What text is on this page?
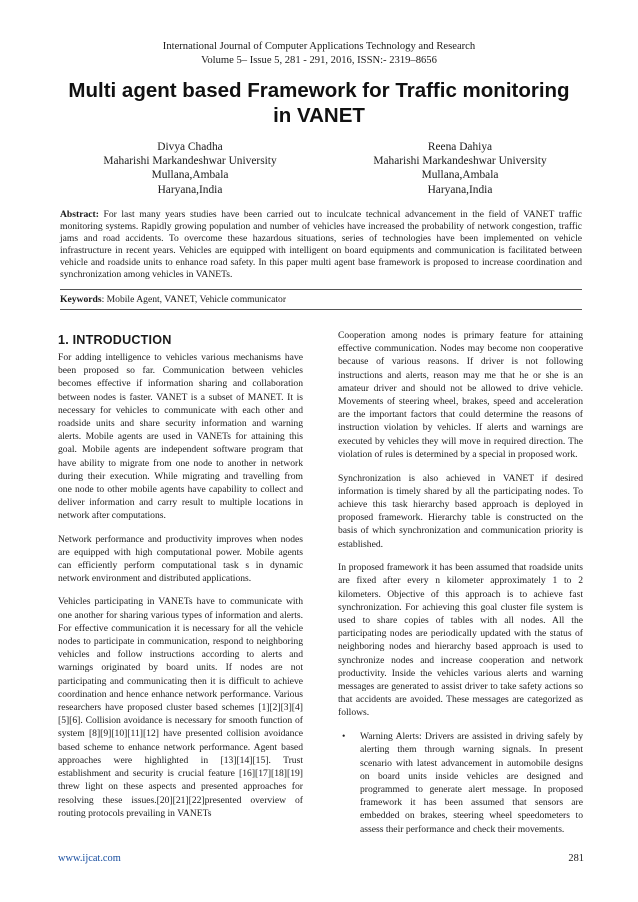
International Journal of Computer Applications Technology and Research
Volume 5– Issue 5, 281 - 291, 2016, ISSN:- 2319–8656
Multi agent based Framework for Traffic monitoring in VANET
Divya Chadha
Maharishi Markandeshwar University
Mullana,Ambala
Haryana,India
Reena Dahiya
Maharishi Markandeshwar University
Mullana,Ambala
Haryana,India
Abstract: For last many years studies have been carried out to inculcate technical advancement in the field of VANET traffic monitoring systems. Rapidly growing population and number of vehicles have increased the probability of network congestion, traffic jams and road accidents. To overcome these hazardous situations, series of technologies have been implemented on vehicle infrastructure in recent years. Vehicles are equipped with intelligent on board equipments and communication is facilitated between vehicle and roadside units to enhance road safety. In this paper multi agent base framework is proposed to increase coordination and synchronization among vehicles in VANETs.
Keywords: Mobile Agent, VANET, Vehicle communicator
1. INTRODUCTION

For adding intelligence to vehicles various mechanisms have been proposed so far. Communication between vehicles becomes effective if information sharing and collaboration between nodes is faster. VANET is a subset of MANET. It is necessary for vehicles to communicate with each other and roadside units and share security information and warning alerts. Mobile agents are used in VANETs for attaining this goal. Mobile agents are independent software program that have ability to migrate from one node to another in network during their execution. While migrating and travelling from one node to other mobile agents have capability to collect and deliver information and carry result to multiple locations in network after computations.

Network performance and productivity improves when nodes are equipped with high computational power. Mobile agents can efficiently perform computational task s in dynamic network environment and distributed applications.

Vehicles participating in VANETs have to communicate with one another for sharing various types of information and alerts. For effective communication it is necessary for all the vehicle nodes to participate in communication, respond to neighboring vehicles and follow instructions according to alerts and warnings originated by board units. If nodes are not participating and communicating then it is difficult to achieve coordination and hence enhance network performance. Various researchers have proposed cluster based schemes [1][2][3][4][5][6]. Collision avoidance is necessary for smooth function of system [8][9][10][11][12] have presented collision avoidance based scheme to enhance network performance. Agent based approaches were highlighted in [13][14][15]. Trust establishment and security is crucial feature [16][17][18][19] threw light on these aspects and presented approaches for resolving these issues.[20][21][22]presented overview of routing protocols prevailing in VANETs

Cooperation among nodes is primary feature for attaining effective communication. Nodes may become non cooperative because of various reasons. If driver is not following instructions and alerts, reason may me that he or she is an amateur driver and should not be allowed to drive vehicle. Movements of steering wheel, brakes, speed and acceleration are the important factors that could determine the reasons of instruction violation by vehicles. If alerts and warnings are executed by vehicles they will move in required direction. The violation of rules is determined by a special in proposed work.

Synchronization is also achieved in VANET if desired information is timely shared by all the participating nodes. To achieve this task hierarchy based approach is deployed in proposed framework. Hierarchy table is constructed on the basis of which synchronization and communication priority is established.

In proposed framework it has been assumed that roadside units are fixed after every n kilometer approximately 1 to 2 kilometers. Objective of this approach is to achieve fast synchronization. For achieving this goal cluster file system is used to share copies of tables with all nodes. All the participating nodes are periodically updated with the status of neighboring nodes and hierarchy based approach is used to synchronize nodes and increase cooperation and network productivity. Inside the vehicles various alerts and warning messages are generated to assist driver to take safety actions so that accidents are avoided. These messages are categorized as follows.

• Warning Alerts: Drivers are assisted in driving safely by alerting them through warning signals. In present scenario with latest advancement in automobile designs on board units inside vehicles are designed and programmed to generate alert message. In proposed framework it has been assumed that sensors are embedded on brakes, steering wheel speedometers to assess their performance and check their movements.
www.ijcat.com	281
